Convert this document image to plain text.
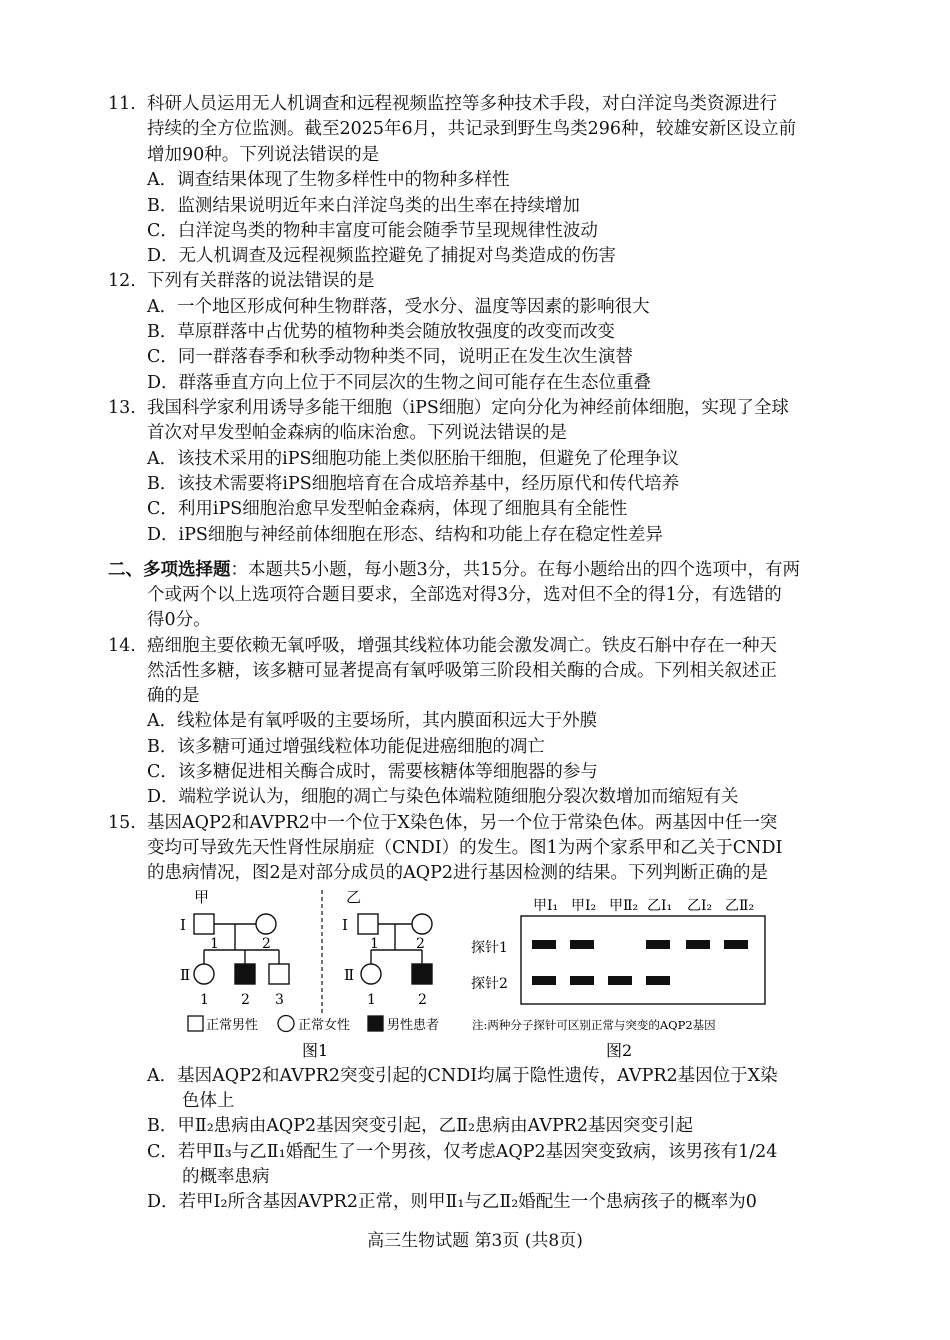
11. 科研人员运用无人机调查和远程视频监控等多种技术手段，对白洋淀鸟类资源进行
持续的全方位监测。截至2025年6月，共记录到野生鸟类296种，较雄安新区设立前
增加90种。下列说法错误的是
A．调查结果体现了生物多样性中的物种多样性
B．监测结果说明近年来白洋淀鸟类的出生率在持续增加
C．白洋淀鸟类的物种丰富度可能会随季节呈现规律性波动
D．无人机调查及远程视频监控避免了捕捉对鸟类造成的伤害
12. 下列有关群落的说法错误的是
A．一个地区形成何种生物群落，受水分、温度等因素的影响很大
B．草原群落中占优势的植物种类会随放牧强度的改变而改变
C．同一群落春季和秋季动物种类不同，说明正在发生次生演替
D．群落垂直方向上位于不同层次的生物之间可能存在生态位重叠
13. 我国科学家利用诱导多能干细胞（iPS细胞）定向分化为神经前体细胞，实现了全球
首次对早发型帕金森病的临床治愈。下列说法错误的是
A．该技术采用的iPS细胞功能上类似胚胎干细胞，但避免了伦理争议
B．该技术需要将iPS细胞培育在合成培养基中，经历原代和传代培养
C．利用iPS细胞治愈早发型帕金森病，体现了细胞具有全能性
D．iPS细胞与神经前体细胞在形态、结构和功能上存在稳定性差异
二、多项选择题：本题共5小题，每小题3分，共15分。在每小题给出的四个选项中，有两
个或两个以上选项符合题目要求，全部选对得3分，选对但不全的得1分，有选错的
得0分。
14. 癌细胞主要依赖无氧呼吸，增强其线粒体功能会激发凋亡。铁皮石斛中存在一种天
然活性多糖，该多糖可显著提高有氧呼吸第三阶段相关酶的合成。下列相关叙述正
确的是
A．线粒体是有氧呼吸的主要场所，其内膜面积远大于外膜
B．该多糖可通过增强线粒体功能促进癌细胞的凋亡
C．该多糖促进相关酶合成时，需要核糖体等细胞器的参与
D．端粒学说认为，细胞的凋亡与染色体端粒随细胞分裂次数增加而缩短有关
15. 基因AQP2和AVPR2中一个位于X染色体，另一个位于常染色体。两基因中任一突
变均可导致先天性肾性尿崩症（CNDI）的发生。图1为两个家系甲和乙关于CNDI
的患病情况，图2是对部分成员的AQP2进行基因检测的结果。下列判断正确的是
甲
Ⅰ
1	2
Ⅱ
1 2 3
乙
Ⅰ
1	2
Ⅱ
1	2
正常男性	正常女性	男性患者
图1
探针1
探针2
甲Ⅰ₁ 甲Ⅰ₂ 甲Ⅱ₂ 乙Ⅰ₁ 乙Ⅰ₂ 乙Ⅱ₂
注:两种分子探针可区别正常与突变的AQP2基因
图2
A．基因AQP2和AVPR2突变引起的CNDI均属于隐性遗传，AVPR2基因位于X染
色体上
B．甲Ⅱ₂患病由AQP2基因突变引起，乙Ⅱ₂患病由AVPR2基因突变引起
C．若甲Ⅱ₃与乙Ⅱ₁婚配生了一个男孩，仅考虑AQP2基因突变致病，该男孩有1/24
的概率患病
D．若甲Ⅰ₂所含基因AVPR2正常，则甲Ⅱ₁与乙Ⅱ₂婚配生一个患病孩子的概率为0
高三生物试题 第3页 (共8页)
